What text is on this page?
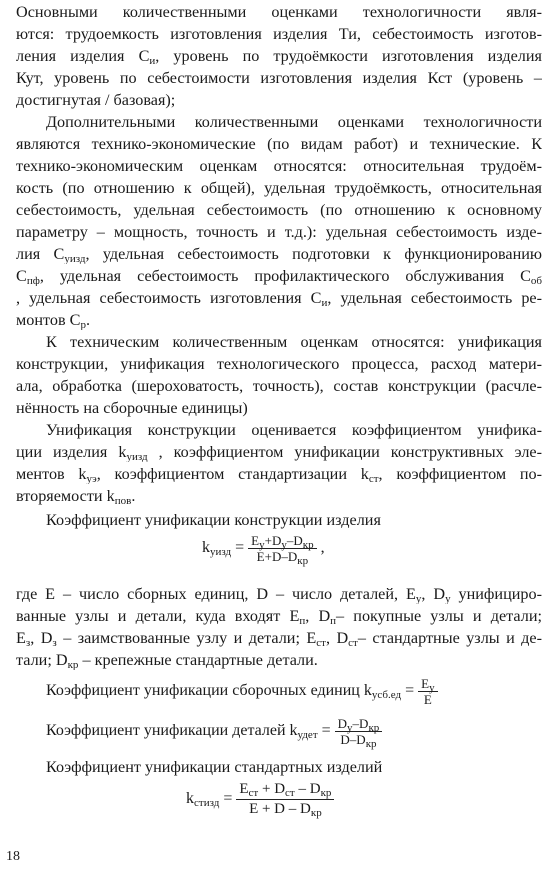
Основными количественными оценками технологичности явля-
ются: трудоемкость изготовления изделия Ти, себестоимость изготов-
ления изделия $С_и$, уровень по трудоёмкости изготовления изделия
Кут, уровень по себестоимости изготовления изделия Кст (уровень –
достигнутая / базовая);
Дополнительными количественными оценками технологичности
являются технико-экономические (по видам работ) и технические. К
технико-экономическим оценкам относятся: относительная трудоём-
кость (по отношению к общей), удельная трудоёмкость, относительная
себестоимость, удельная себестоимость (по отношению к основному
параметру – мощность, точность и т.д.): удельная себестоимость изде-
лия $С_{уизд}$, удельная себестоимость подготовки к функционированию
$С_{пф}$, удельная себестоимость профилактического обслуживания $С_{об}$
, удельная себестоимость изготовления $С_и$, удельная себестоимость ре-
монтов $С_р$.
К техническим количественным оценкам относятся: унификация
конструкции, унификация технологического процесса, расход матери-
ала, обработка (шероховатость, точность), состав конструкции (расчле-
нённость на сборочные единицы)
Унификация конструкции оценивается коэффициентом унифика-
ции изделия $k_{уизд}$ , коэффициентом унификации конструктивных эле-
ментов $k_{уэ}$, коэффициентом стандартизации $k_{ст}$, коэффициентом по-
вторяемости $k_{пов}$.
Коэффициент унификации конструкции изделия
$k_{уизд} = \frac{E_у+D_у-D_{кр}}{E+D-D_{кр}}$ ,
где Е – число сборных единиц, D – число деталей, $Е_у$, $D_у$ унифициро-
ванные узлы и детали, куда входят $Е_п$, $D_п-$ покупные узлы и детали;
$Е_з$, $D_з$ – заимствованные узлу и детали; $Е_{ст}$, $D_{ст}-$ стандартные узлы и де-
тали; $D_{кр}$ – крепежные стандартные детали.
Коэффициент унификации сборочных единиц $k_{усб.ед} = \frac{E_у}{E}$
Коэффициент унификации деталей $k_{удет} = \frac{D_у-D_{кр}}{D-D_{кр}}$
Коэффициент унификации стандартных изделий
$k_{стизд} = \frac{E_{ст} + D_{ст} - D_{кр}}{E + D - D_{кр}}$
18
